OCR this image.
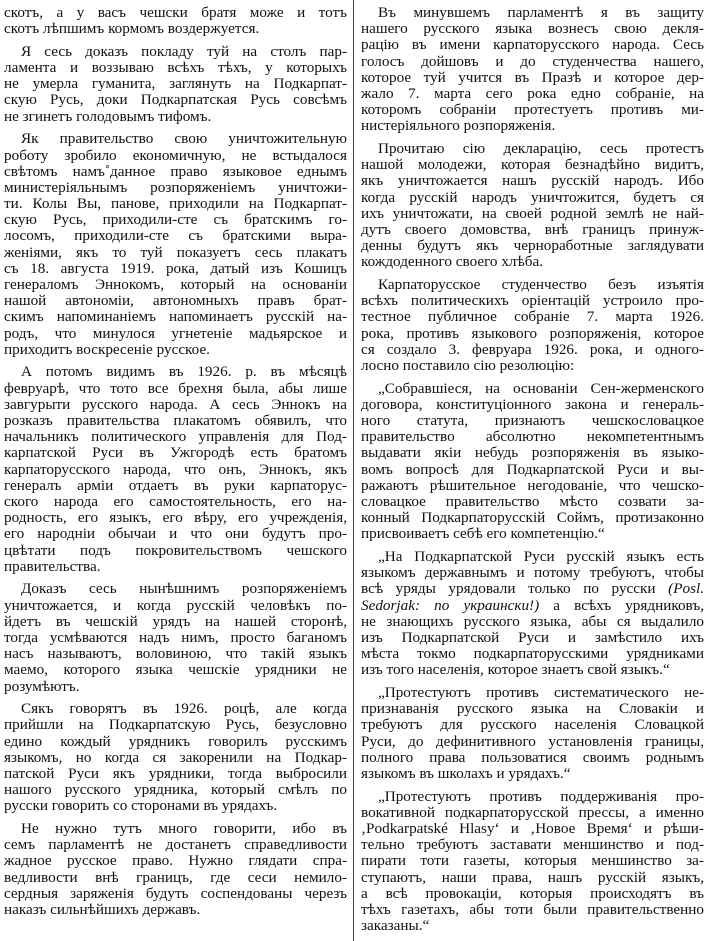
скотъ, а у васъ чешски братя може и тотъ
скотъ лѣпшимъ кормомъ воздержуется.
Я сесь доказъ покладу туй на столъ пар-
ламента и воззываю всѣхъ тѣхъ, у которыхъ
не умерла гуманита, заглянуть на Подкарпат-
скую Русь, доки Подкарпатская Русь совсѣмъ
не згинетъ голодовымъ тифомъ.
Як правительство свою уничтожительную
роботу зробило економичную, не встыдалося
свѣтомъ намъ˚данное право языковое еднымъ
министеріяльнымъ розпоряженіемъ уничтожи-
ти. Колы Вы, панове, приходили на Подкарпат-
скую Русь, приходили-сте съ братскимъ го-
лосомъ, приходили-сте съ братскими выра-
женіями, якъ то туй показуетъ сесь плакатъ
съ 18. августа 1919. рока, датый изъ Кошицъ
генераломъ Эннокомъ, который на основаніи
нашой автономіи, автономныхъ правъ брат-
скимъ напоминаніемъ напоминаетъ русскій на-
родъ, что минулося угнетеніе мадьярское и
приходитъ воскресеніе русское.
А потомъ видимъ въ 1926. р. въ мѣсяцѣ
февруарѣ, что тото все брехня была, абы лише
завгурыти русского народа. А сесь Эннокъ на
розказъ правительства плакатомъ обявилъ, что
начальникъ политического управленія для Под-
карпатской Руси въ Ужгородѣ есть братомъ
карпаторусского народа, что онъ, Эннокъ, якъ
генералъ арміи отдаетъ въ руки карпаторус-
ского народа его самостоятельность, его на-
родность, его языкъ, его вѣру, его учрежденія,
его народніи обычаи и что они будутъ про-
цвѣтати подъ покровительствомъ чешского
правительства.
Доказъ сесь нынѣшнимъ розпоряженіемъ
уничтожается, и когда русскій человѣкъ по-
йдетъ въ чешскій урядъ на нашей сторонѣ,
тогда усмѣваются надъ нимъ, просто баганомъ
насъ называютъ, воловиною, что такій языкъ
маемо, которого языка чешскіе урядники не
розумѣютъ.
Сякъ говорятъ въ 1926. роцѣ, але когда
прийшли на Подкарпатскую Русь, безусловно
едино кождый урядникъ говорилъ русскимъ
языкомъ, но когда ся закоренили на Подкар-
патской Руси якъ урядники, тогда выбросили
нашого русского урядника, который смѣлъ по
русски говорить со сторонами въ урядахъ.
Не нужно тутъ много говорити, ибо въ
семъ парламентѣ не достанетъ справедливости
жадное русское право. Нужно глядати спра-
ведливости внѣ границъ, где сеси немило-
сердныя заряженія будуть соспендованы черезъ
наказъ сильнѣйшихъ державъ.
Въ минувшемъ парламентѣ я въ защиту
нашего русского языка вознесъ свою декля-
рацію въ имени карпаторусского народа. Сесь
голосъ дойшовъ и до студенчества нашего,
которое туй учится въ Празѣ и которое дер-
жало 7. марта сего рока едно собраніе, на
которомъ собраніи протестуетъ противъ ми-
нистеріяльного розпоряженія.
Прочитаю сію декларацію, сесь протестъ
нашой молодежи, которая безнадѣйно видитъ,
якъ уничтожается нашъ русскій народъ. Ибо
когда русскій народъ уничтожится, будетъ ся
ихъ уничтожати, на своей родной землѣ не най-
дутъ своего домовства, внѣ границъ принуж-
денны будутъ якъ черноработные заглядувати
кождоденного своего хлѣба.
Карпаторусское студенчество безъ изъятія
всѣхъ политическихъ оріентацій устроило про-
тестное публичное собраніе 7. марта 1926.
рока, противъ языкового розпоряженія, которое
ся создало 3. февруара 1926. рока, и одного-
лосно поставило сію резолюцію:
„Собравшіеся, на основаніи Сен-жерменского
договора, конституціонного закона и генераль-
ного статута, признаютъ чешскословацкое
правительство абсолютно некомпетентнымъ
выдавати якіи небудь розпоряженія въ языко-
вомъ вопросѣ для Подкарпатской Руси и вы-
ражаютъ рѣшительное негодованіе, что чешско-
словацкое правительство мѣсто созвати за-
конный Подкарпаторусскій Соймъ, протизаконно
присвоиваетъ себѣ его компетенцію.“
„На Подкарпатской Руси русскій языкъ есть
языкомъ державнымъ и потому требуютъ, чтобы
всѣ уряды урядовали только по русски (Posl.
Sedorjak: по украински!) а всѣхъ урядниковъ,
не знающихъ русского языка, абы ся выдалило
изъ Подкарпатской Руси и замѣстило ихъ
мѣста токмо подкарпаторусскими урядниками
изъ того населенія, которое знаетъ свой языкъ.“
„Протестуютъ противъ систематического не-
признаванія русского языка на Словакіи и
требуютъ для русского населенія Словацкой
Руси, до дефинитивного установленія границы,
полного права пользоватися своимъ роднымъ
языкомъ въ школахъ и урядахъ.“
„Протестуютъ противъ поддерживанія про-
вокативной подкарпаторусской прессы, а именно
‚Podkarpatské Hlasy‘ и ‚Новое Время‘ и рѣши-
тельно требуютъ заставати меншинство и под-
пирати тоти газеты, которыя меншинство за-
ступаютъ, наши права, нашъ русскій языкъ,
а всѣ провокаціи, которыя происходятъ въ
тѣхъ газетахъ, абы тоти были правительственно
заказаны.“
